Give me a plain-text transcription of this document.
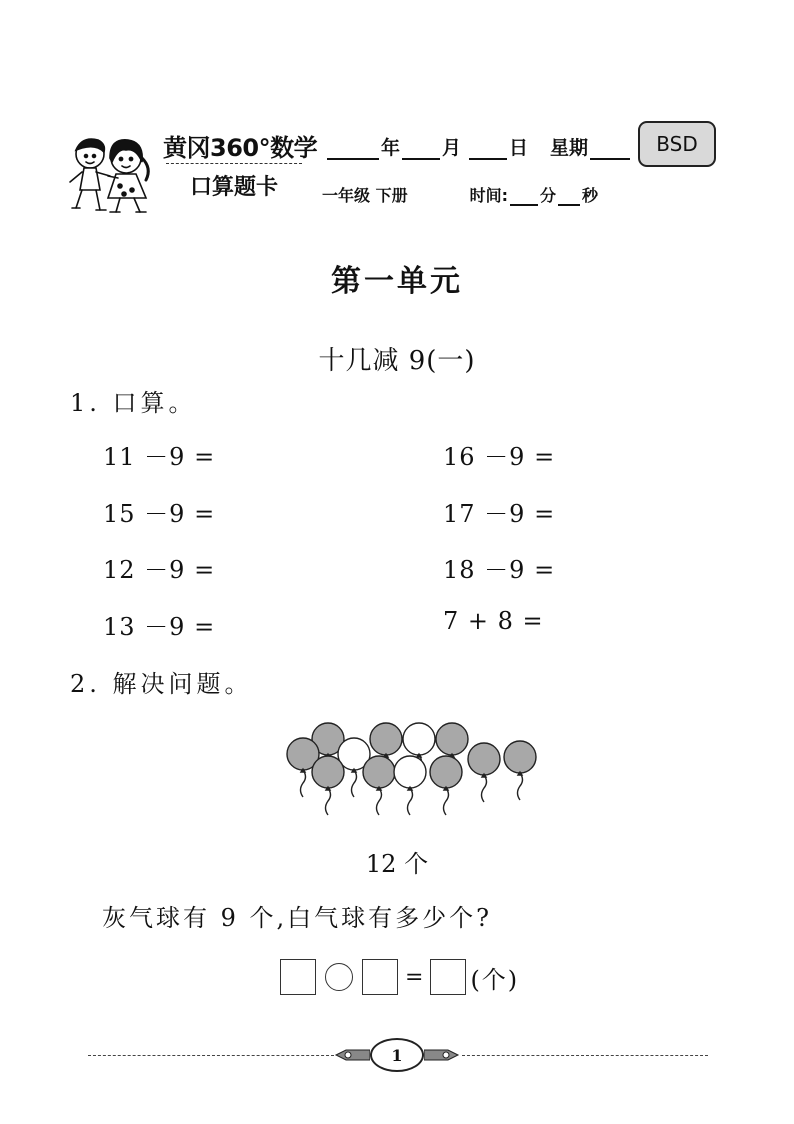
黄冈360°数学
口算题卡
年 月	日 星期
一年级 下册	时间: 分 秒
BSD
第一单元
十几减 9(一)
1. 口算。
11 －9 =
15 －9 =
12 －9 =
13 －9 =
16 －9 =
17 －9 =
18 －9 =
7 + 8 =
2. 解决问题。
12 个
灰气球有 9 个,白气球有多少个?
= (个)
1
